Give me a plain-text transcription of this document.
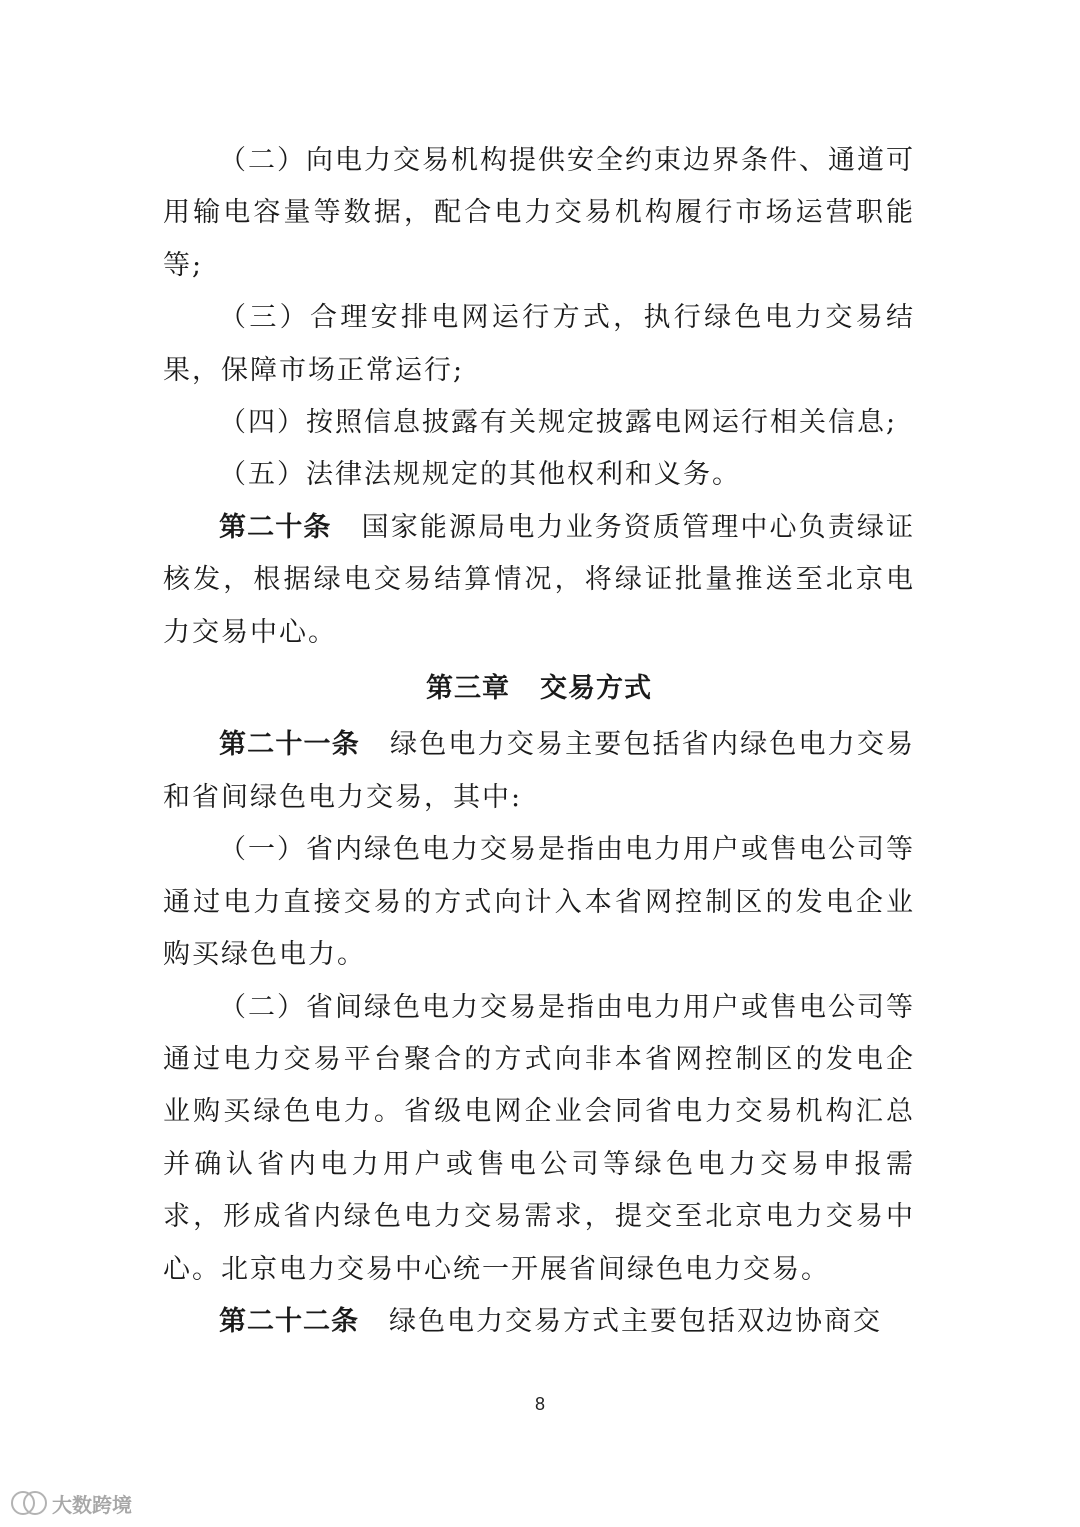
（二）向电力交易机构提供安全约束边界条件、通道可用输电容量等数据，配合电力交易机构履行市场运营职能等;

（三）合理安排电网运行方式，执行绿色电力交易结果，保障市场正常运行;

（四）按照信息披露有关规定披露电网运行相关信息;

（五）法律法规规定的其他权利和义务。

第二十条 国家能源局电力业务资质管理中心负责绿证核发，根据绿电交易结算情况，将绿证批量推送至北京电力交易中心。

第三章 交易方式

第二十一条 绿色电力交易主要包括省内绿色电力交易和省间绿色电力交易，其中:

（一）省内绿色电力交易是指由电力用户或售电公司等通过电力直接交易的方式向计入本省网控制区的发电企业购买绿色电力。

（二）省间绿色电力交易是指由电力用户或售电公司等通过电力交易平台聚合的方式向非本省网控制区的发电企业购买绿色电力。省级电网企业会同省电力交易机构汇总并确认省内电力用户或售电公司等绿色电力交易申报需求，形成省内绿色电力交易需求，提交至北京电力交易中心。北京电力交易中心统一开展省间绿色电力交易。

第二十二条 绿色电力交易方式主要包括双边协商交

8
大数跨境
